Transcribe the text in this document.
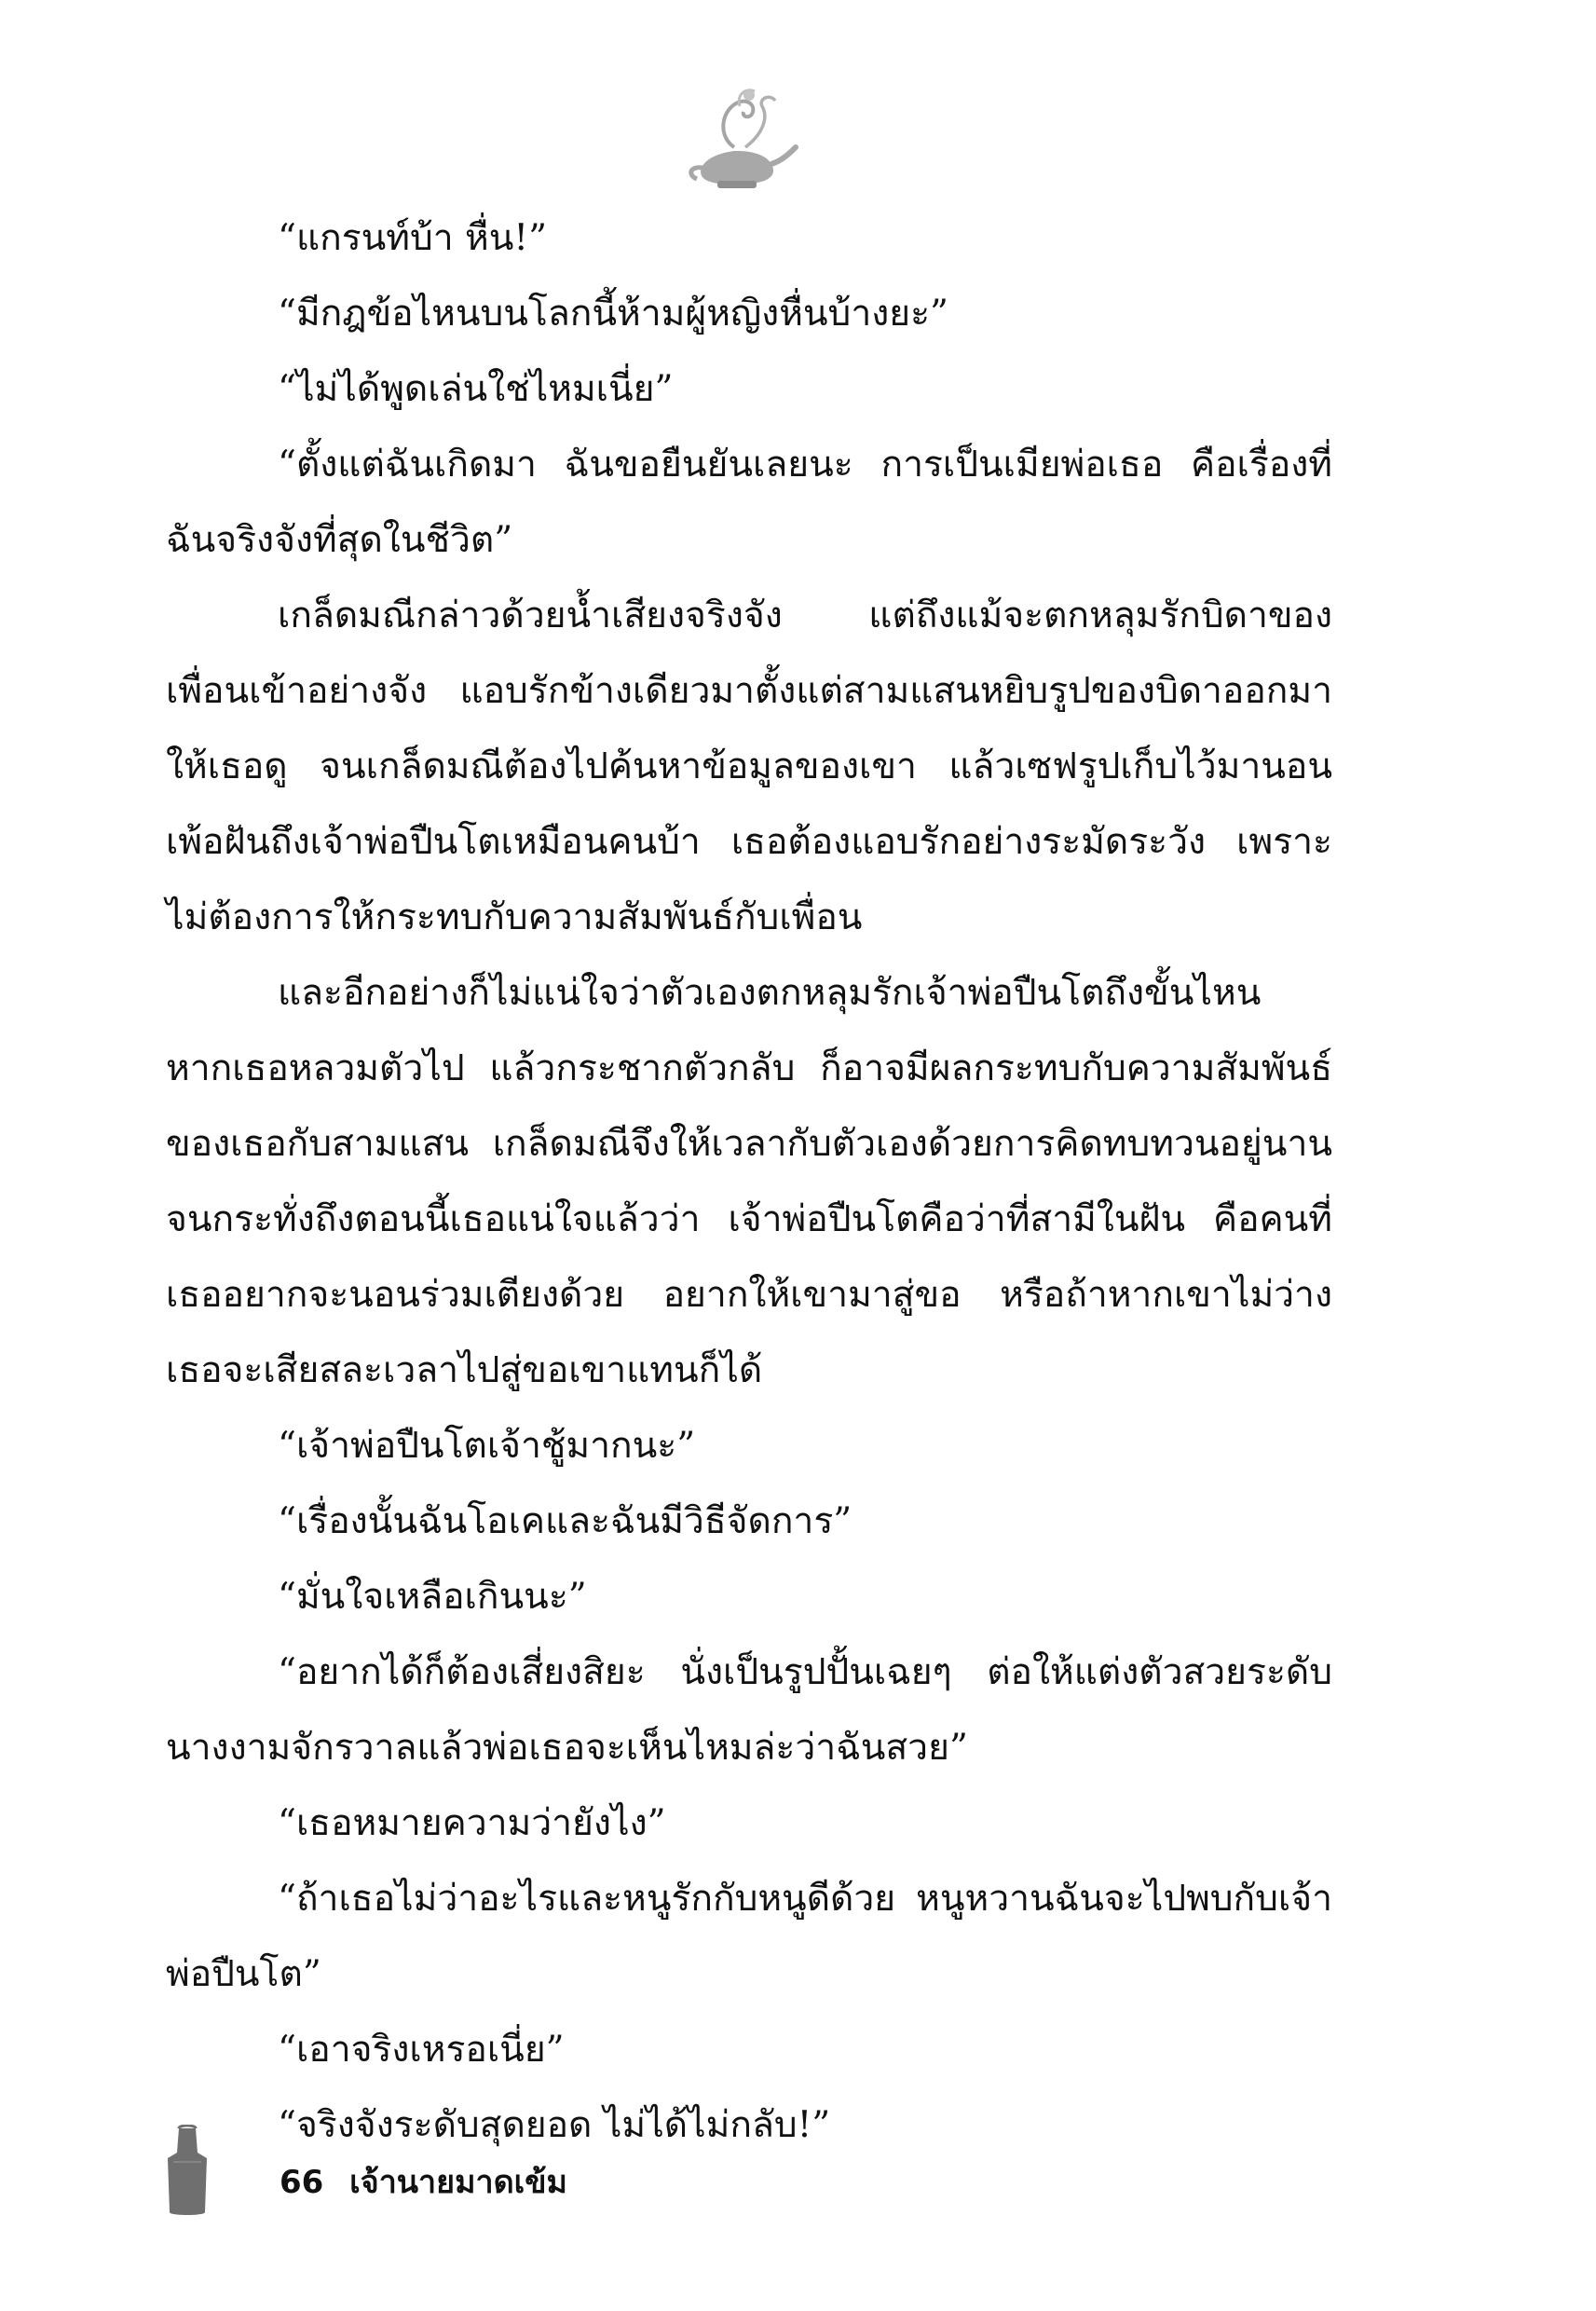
“แกรนท์บ้า หื่น!”

“มีกฎข้อไหนบนโลกนี้ห้ามผู้หญิงหื่นบ้างยะ”

“ไม่ได้พูดเล่นใช่ไหมเนี่ย”

“ตั้งแต่ฉันเกิดมา ฉันขอยืนยันเลยนะ การเป็นเมียพ่อเธอ คือเรื่องที่ฉันจริงจังที่สุดในชีวิต”

เกล็ดมณีกล่าวด้วยน้ำเสียงจริงจัง แต่ถึงแม้จะตกหลุมรักบิดาของเพื่อนเข้าอย่างจัง แอบรักข้างเดียวมาตั้งแต่สามแสนหยิบรูปของบิดาออกมาให้เธอดู จนเกล็ดมณีต้องไปค้นหาข้อมูลของเขา แล้วเซฟรูปเก็บไว้มานอนเพ้อฝันถึงเจ้าพ่อปืนโตเหมือนคนบ้า เธอต้องแอบรักอย่างระมัดระวัง เพราะไม่ต้องการให้กระทบกับความสัมพันธ์กับเพื่อน

และอีกอย่างก็ไม่แน่ใจว่าตัวเองตกหลุมรักเจ้าพ่อปืนโตถึงขั้นไหน หากเธอหลวมตัวไป แล้วกระชากตัวกลับ ก็อาจมีผลกระทบกับความสัมพันธ์ของเธอกับสามแสน เกล็ดมณีจึงให้เวลากับตัวเองด้วยการคิดทบทวนอยู่นาน จนกระทั่งถึงตอนนี้เธอแน่ใจแล้วว่า เจ้าพ่อปืนโตคือว่าที่สามีในฝัน คือคนที่เธออยากจะนอนร่วมเตียงด้วย อยากให้เขามาสู่ขอ หรือถ้าหากเขาไม่ว่าง เธอจะเสียสละเวลาไปสู่ขอเขาแทนก็ได้

“เจ้าพ่อปืนโตเจ้าชู้มากนะ”

“เรื่องนั้นฉันโอเคและฉันมีวิธีจัดการ”

“มั่นใจเหลือเกินนะ”

“อยากได้ก็ต้องเสี่ยงสิยะ นั่งเป็นรูปปั้นเฉยๆ ต่อให้แต่งตัวสวยระดับนางงามจักรวาลแล้วพ่อเธอจะเห็นไหมล่ะว่าฉันสวย”

“เธอหมายความว่ายังไง”

“ถ้าเธอไม่ว่าอะไรและหนูรักกับหนูดีด้วย หนูหวานฉันจะไปพบกับเจ้าพ่อปืนโต”

“เอาจริงเหรอเนี่ย”

“จริงจังระดับสุดยอด ไม่ได้ไม่กลับ!”

66 เจ้านายมาดเข้ม
